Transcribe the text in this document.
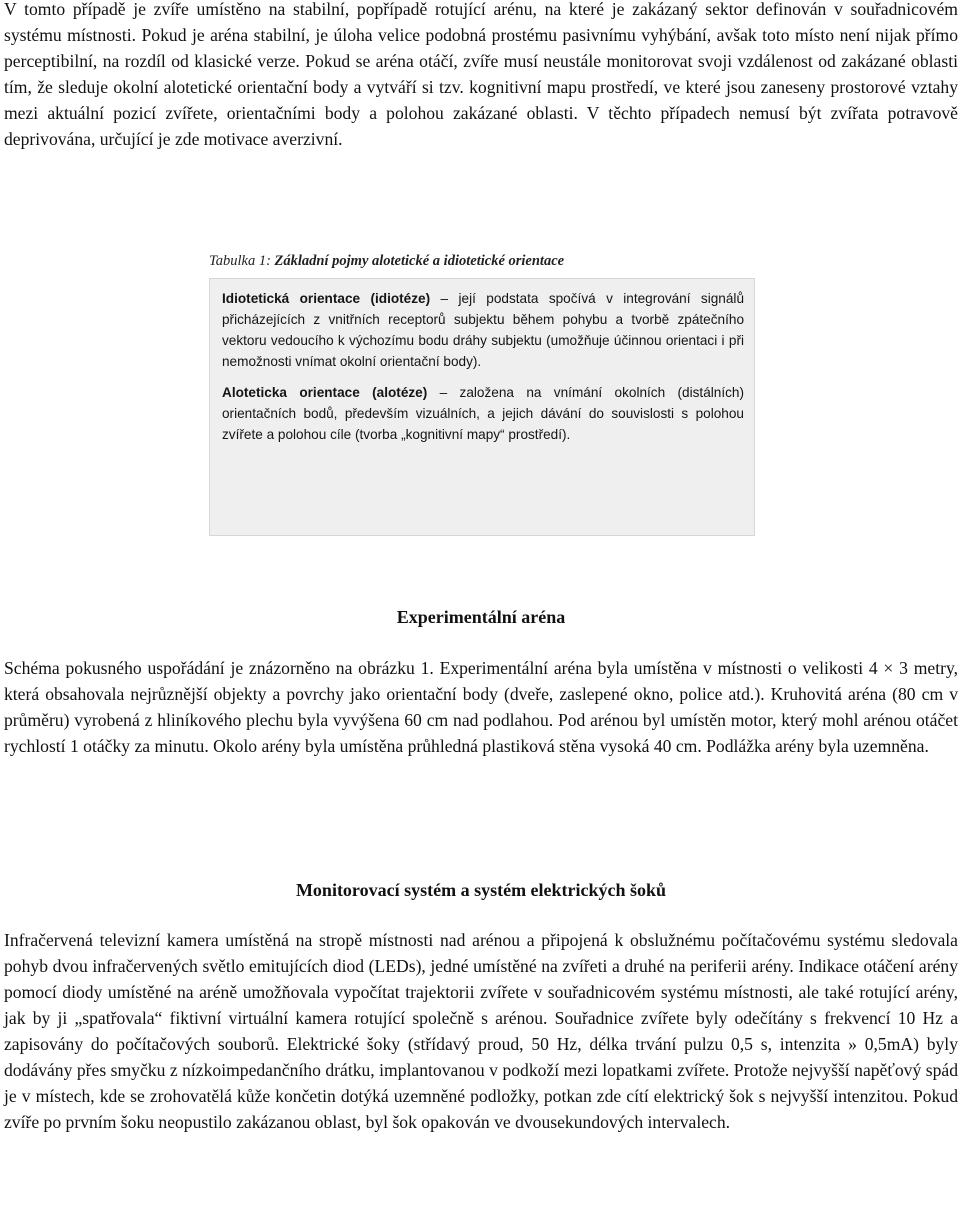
V tomto případě je zvíře umístěno na stabilní, popřípadě rotující arénu, na které je zakázaný sektor definován v souřadnicovém systému místnosti. Pokud je aréna stabilní, je úloha velice podobná prostému pasivnímu vyhýbání, avšak toto místo není nijak přímo perceptibilní, na rozdíl od klasické verze. Pokud se aréna otáčí, zvíře musí neustále monitorovat svoji vzdálenost od zakázané oblasti tím, že sleduje okolní alotetické orientační body a vytváří si tzv. kognitivní mapu prostředí, ve které jsou zaneseny prostorové vztahy mezi aktuální pozicí zvířete, orientačními body a polohou zakázané oblasti. V těchto případech nemusí být zvířata potravově deprivována, určující je zde motivace averzivní.

Tabulka 1: Základní pojmy alotetické a idiotetické orientace

Idiotetická orientace (idiotéze) – její podstata spočívá v integrování signálů přicházejících z vnitřních receptorů subjektu během pohybu a tvorbě zpátečního vektoru vedoucího k výchozímu bodu dráhy subjektu (umožňuje účinnou orientaci i při nemožnosti vnímat okolní orientační body).

Aloteticka orientace (alotéze) – založena na vnímání okolních (distálních) orientačních bodů, především vizuálních, a jejich dávání do souvislosti s polohou zvířete a polohou cíle (tvorba „kognitivní mapy“ prostředí).

Experimentální aréna

Schéma pokusného uspořádání je znázorněno na obrázku 1. Experimentální aréna byla umístěna v místnosti o velikosti 4 × 3 metry, která obsahovala nejrůznější objekty a povrchy jako orientační body (dveře, zaslepené okno, police atd.). Kruhovitá aréna (80 cm v průměru) vyrobená z hliníkového plechu byla vyvýšena 60 cm nad podlahou. Pod arénou byl umístěn motor, který mohl arénou otáčet rychlostí 1 otáčky za minutu. Okolo arény byla umístěna průhledná plastiková stěna vysoká 40 cm. Podlážka arény byla uzemněna.

Monitorovací systém a systém elektrických šoků

Infračervená televizní kamera umístěná na stropě místnosti nad arénou a připojená k obslužnému počítačovému systému sledovala pohyb dvou infračervených světlo emitujících diod (LEDs), jedné umístěné na zvířeti a druhé na periferii arény. Indikace otáčení arény pomocí diody umístěné na aréně umožňovala vypočítat trajektorii zvířete v souřadnicovém systému místnosti, ale také rotující arény, jak by ji „spatřovala“ fiktivní virtuální kamera rotující společně s arénou. Souřadnice zvířete byly odečítány s frekvencí 10 Hz a zapisovány do počítačových souborů. Elektrické šoky (střídavý proud, 50 Hz, délka trvání pulzu 0,5 s, intenzita » 0,5mA) byly dodávány přes smyčku z nízkoimpedančního drátku, implantovanou v podkoží mezi lopatkami zvířete. Protože nejvyšší napěťový spád je v místech, kde se zrohovatělá kůže končetin dotýká uzemněné podložky, potkan zde cítí elektrický šok s nejvyšší intenzitou. Pokud zvíře po prvním šoku neopustilo zakázanou oblast, byl šok opakován ve dvousekundových intervalech.
